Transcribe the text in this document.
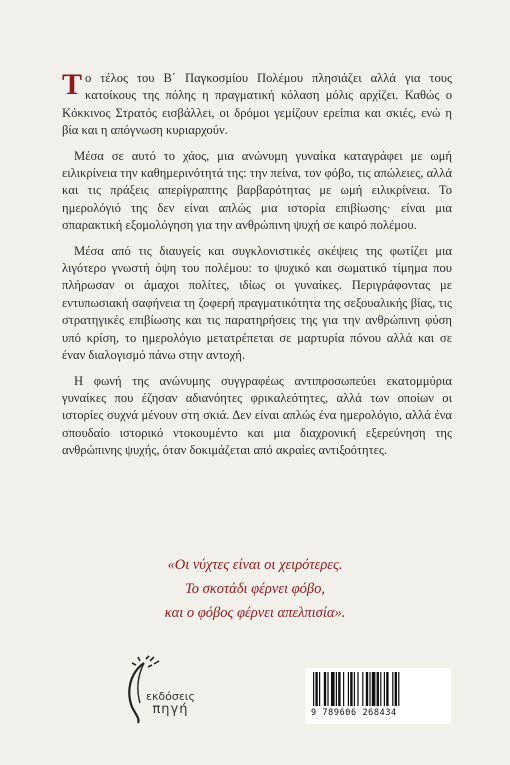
Το τέλος του Β΄ Παγκοσμίου Πολέμου πλησιάζει αλλά για τους κατοίκους της πόλης η πραγματική κόλαση μόλις αρχίζει. Καθώς ο Κόκκινος Στρατός εισβάλλει, οι δρόμοι γεμίζουν ερείπια και σκιές, ενώ η βία και η απόγνωση κυριαρχούν.

Μέσα σε αυτό το χάος, μια ανώνυμη γυναίκα καταγράφει με ωμή ειλικρίνεια την καθημερινότητά της: την πείνα, τον φόβο, τις απώλειες, αλλά και τις πράξεις απερίγραπτης βαρβαρότητας με ωμή ειλικρίνεια. Το ημερολόγιό της δεν είναι απλώς μια ιστορία επιβίωσης· είναι μια σπαρακτική εξομολόγηση για την ανθρώπινη ψυχή σε καιρό πολέμου.

Μέσα από τις διαυγείς και συγκλονιστικές σκέψεις της φωτίζει μια λιγότερο γνωστή όψη του πολέμου: το ψυχικό και σωματικό τίμημα που πλήρωσαν οι άμαχοι πολίτες, ιδίως οι γυναίκες. Περιγράφοντας με εντυπωσιακή σαφήνεια τη ζοφερή πραγματικότητα της σεξουαλικής βίας, τις στρατηγικές επιβίωσης και τις παρατηρήσεις της για την ανθρώπινη φύση υπό κρίση, το ημερολόγιο μετατρέπεται σε μαρτυρία πόνου αλλά και σε έναν διαλογισμό πάνω στην αντοχή.

Η φωνή της ανώνυμης συγγραφέως αντιπροσωπεύει εκατομμύρια γυναίκες που έζησαν αδιανόητες φρικαλεότητες, αλλά των οποίων οι ιστορίες συχνά μένουν στη σκιά. Δεν είναι απλώς ένα ημερολόγιο, αλλά ένα σπουδαίο ιστορικό ντοκουμέντο και μια διαχρονική εξερεύνηση της ανθρώπινης ψυχής, όταν δοκιμάζεται από ακραίες αντιξοότητες.

«Οι νύχτες είναι οι χειρότερες.
Το σκοτάδι φέρνει φόβο,
και ο φόβος φέρνει απελπισία».
εκδόσεις
πηγή	9 789606 268434
